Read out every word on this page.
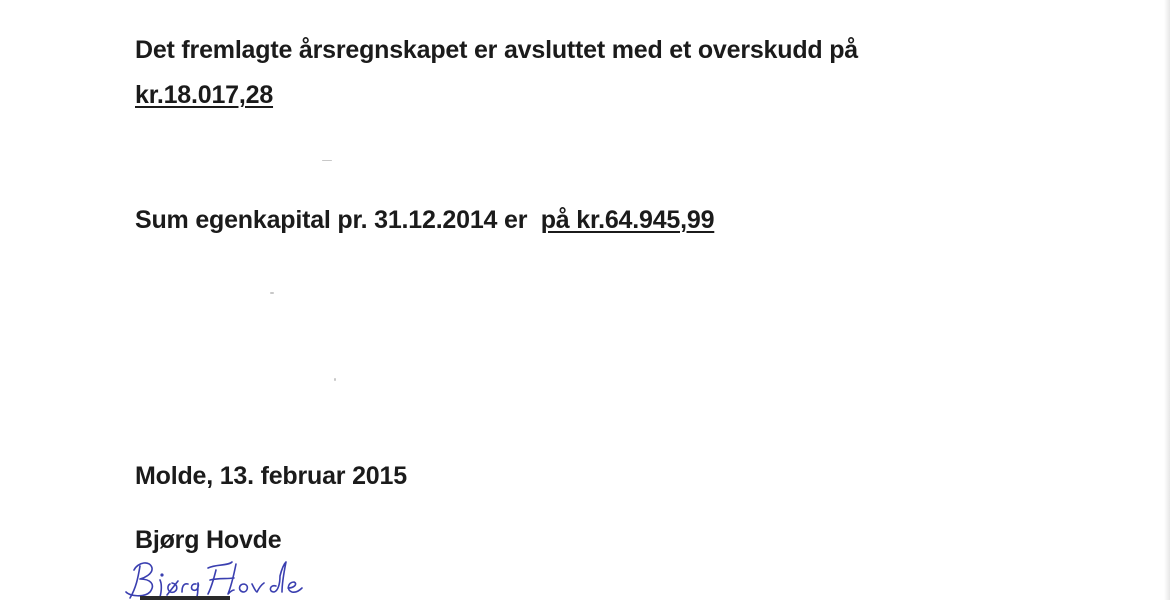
Det fremlagte årsregnskapet er avsluttet med et overskudd på
kr.18.017,28
Sum egenkapital pr. 31.12.2014 er på kr.64.945,99
Molde, 13. februar 2015
Bjørg Hovde
